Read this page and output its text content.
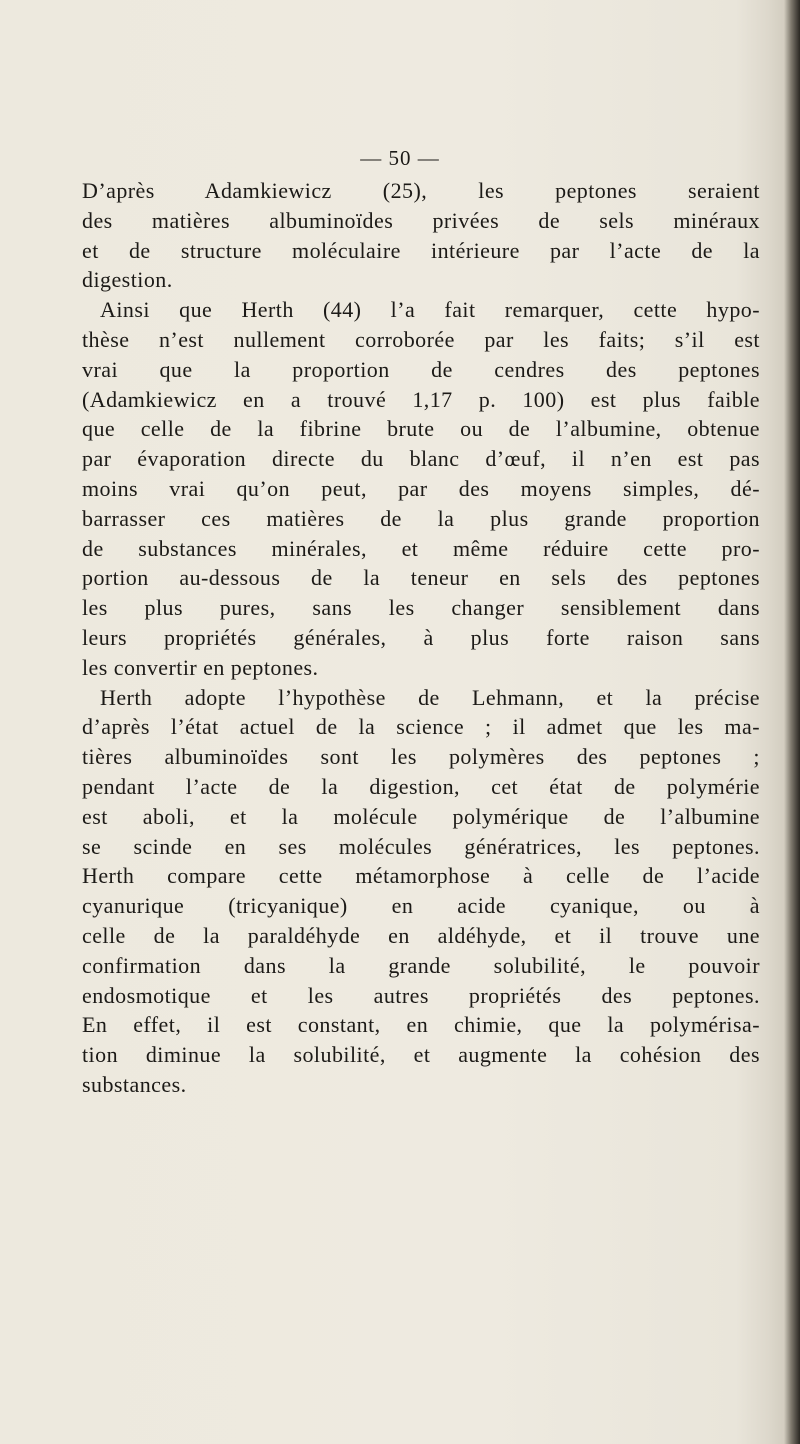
— 50 —
D’après Adamkiewicz (25), les peptones seraient
des matières albuminoïdes privées de sels minéraux
et de structure moléculaire intérieure par l’acte de la
digestion.
Ainsi que Herth (44) l’a fait remarquer, cette hypo-
thèse n’est nullement corroborée par les faits; s’il est
vrai que la proportion de cendres des peptones
(Adamkiewicz en a trouvé 1,17 p. 100) est plus faible
que celle de la fibrine brute ou de l’albumine, obtenue
par évaporation directe du blanc d’œuf, il n’en est pas
moins vrai qu’on peut, par des moyens simples, dé-
barrasser ces matières de la plus grande proportion
de substances minérales, et même réduire cette pro-
portion au-dessous de la teneur en sels des peptones
les plus pures, sans les changer sensiblement dans
leurs propriétés générales, à plus forte raison sans
les convertir en peptones.
Herth adopte l’hypothèse de Lehmann, et la précise
d’après l’état actuel de la science ; il admet que les ma-
tières albuminoïdes sont les polymères des peptones ;
pendant l’acte de la digestion, cet état de polymérie
est aboli, et la molécule polymérique de l’albumine
se scinde en ses molécules génératrices, les peptones.
Herth compare cette métamorphose à celle de l’acide
cyanurique (tricyanique) en acide cyanique, ou à
celle de la paraldéhyde en aldéhyde, et il trouve une
confirmation dans la grande solubilité, le pouvoir
endosmotique et les autres propriétés des peptones.
En effet, il est constant, en chimie, que la polymérisa-
tion diminue la solubilité, et augmente la cohésion des
substances.
